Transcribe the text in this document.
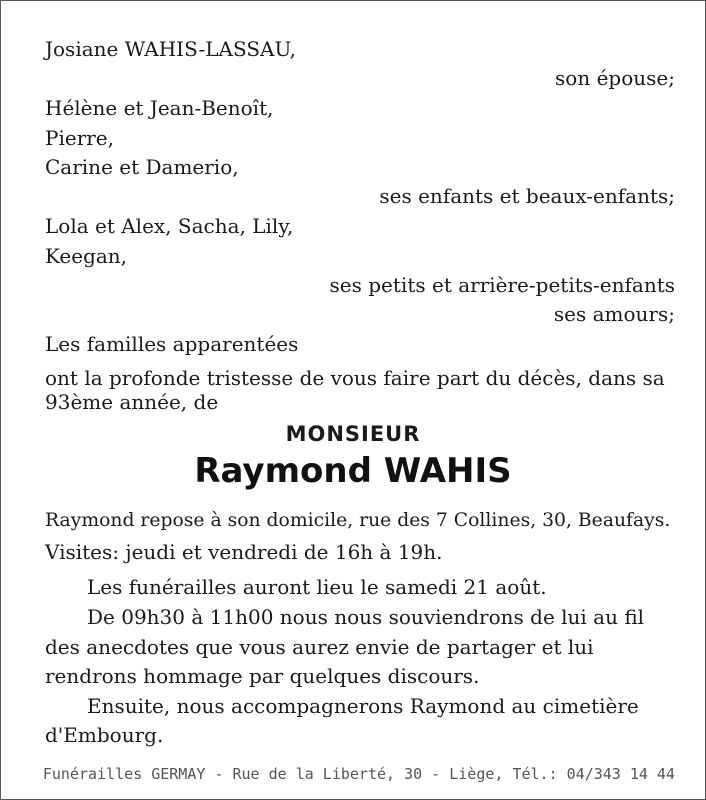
Josiane WAHIS-LASSAU,
son épouse;
Hélène et Jean-Benoît,
Pierre,
Carine et Damerio,
ses enfants et beaux-enfants;
Lola et Alex, Sacha, Lily,
Keegan,
ses petits et arrière-petits-enfants
ses amours;
Les familles apparentées
ont la profonde tristesse de vous faire part du décès, dans sa
93ème année, de
MONSIEUR
Raymond WAHIS
Raymond repose à son domicile, rue des 7 Collines, 30, Beaufays.
Visites: jeudi et vendredi de 16h à 19h.
Les funérailles auront lieu le samedi 21 août.
De 09h30 à 11h00 nous nous souviendrons de lui au fil
des anecdotes que vous aurez envie de partager et lui
rendrons hommage par quelques discours.
Ensuite, nous accompagnerons Raymond au cimetière
d'Embourg.
Funérailles GERMAY - Rue de la Liberté, 30 - Liège, Tél.: 04/343 14 44
